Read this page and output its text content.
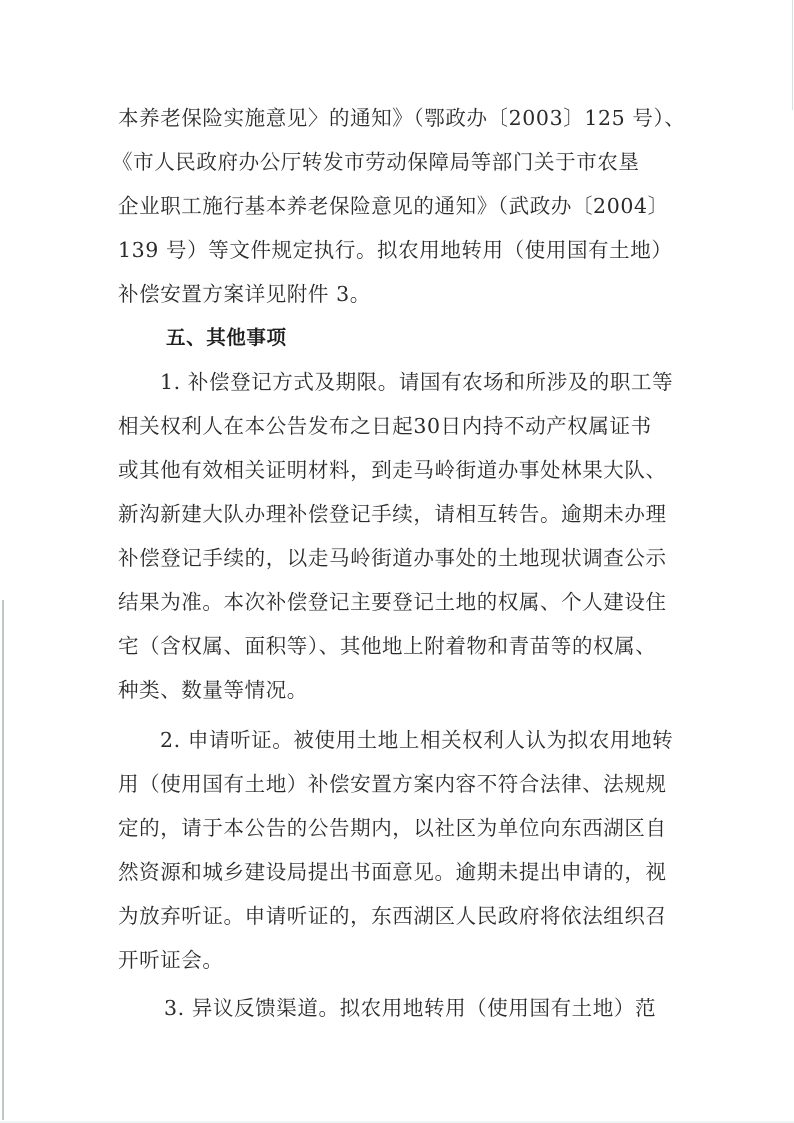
本养老保险实施意见〉的通知》（鄂政办〔2003〕125 号）、
《市人民政府办公厅转发市劳动保障局等部门关于市农垦
企业职工施行基本养老保险意见的通知》（武政办〔2004〕
139 号）等文件规定执行。拟农用地转用（使用国有土地）
补偿安置方案详见附件 3。
五、其他事项
1. 补偿登记方式及期限。请国有农场和所涉及的职工等
相关权利人在本公告发布之日起30日内持不动产权属证书
或其他有效相关证明材料，到走马岭街道办事处林果大队、
新沟新建大队办理补偿登记手续，请相互转告。逾期未办理
补偿登记手续的，以走马岭街道办事处的土地现状调查公示
结果为准。本次补偿登记主要登记土地的权属、个人建设住
宅（含权属、面积等）、其他地上附着物和青苗等的权属、
种类、数量等情况。
2. 申请听证。被使用土地上相关权利人认为拟农用地转
用（使用国有土地）补偿安置方案内容不符合法律、法规规
定的，请于本公告的公告期内，以社区为单位向东西湖区自
然资源和城乡建设局提出书面意见。逾期未提出申请的，视
为放弃听证。申请听证的，东西湖区人民政府将依法组织召
开听证会。
3. 异议反馈渠道。拟农用地转用（使用国有土地）范
